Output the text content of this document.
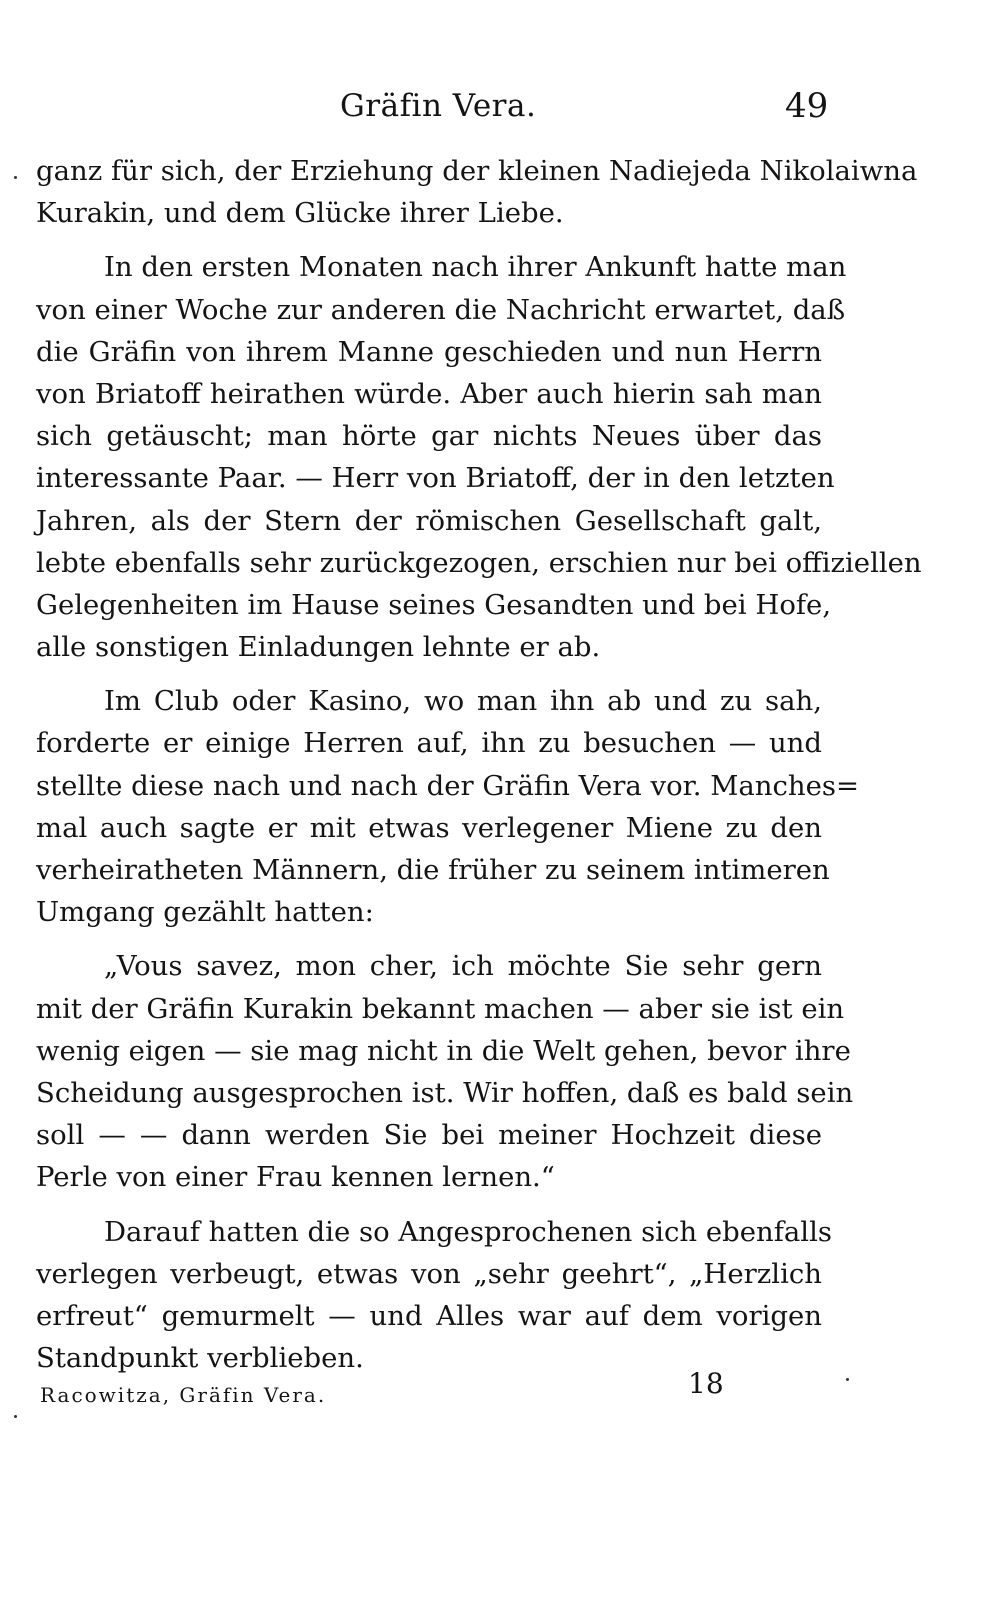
Gräfin Vera.	49
ganz für sich, der Erziehung der kleinen Nadiejeda Nikolaiwna
Kurakin, und dem Glücke ihrer Liebe.
In den ersten Monaten nach ihrer Ankunft hatte man
von einer Woche zur anderen die Nachricht erwartet, daß
die Gräfin von ihrem Manne geschieden und nun Herrn
von Briatoff heirathen würde. Aber auch hierin sah man
sich getäuscht; man hörte gar nichts Neues über das
interessante Paar. — Herr von Briatoff, der in den letzten
Jahren, als der Stern der römischen Gesellschaft galt,
lebte ebenfalls sehr zurückgezogen, erschien nur bei offiziellen
Gelegenheiten im Hause seines Gesandten und bei Hofe,
alle sonstigen Einladungen lehnte er ab.
Im Club oder Kasino, wo man ihn ab und zu sah,
forderte er einige Herren auf, ihn zu besuchen — und
stellte diese nach und nach der Gräfin Vera vor. Manches=
mal auch sagte er mit etwas verlegener Miene zu den
verheiratheten Männern, die früher zu seinem intimeren
Umgang gezählt hatten:
„Vous savez, mon cher, ich möchte Sie sehr gern
mit der Gräfin Kurakin bekannt machen — aber sie ist ein
wenig eigen — sie mag nicht in die Welt gehen, bevor ihre
Scheidung ausgesprochen ist. Wir hoffen, daß es bald sein
soll — — dann werden Sie bei meiner Hochzeit diese
Perle von einer Frau kennen lernen.“
Darauf hatten die so Angesprochenen sich ebenfalls
verlegen verbeugt, etwas von „sehr geehrt“, „Herzlich
erfreut“ gemurmelt — und Alles war auf dem vorigen
Standpunkt verblieben.
Racowitza, Gräfin Vera.	18
